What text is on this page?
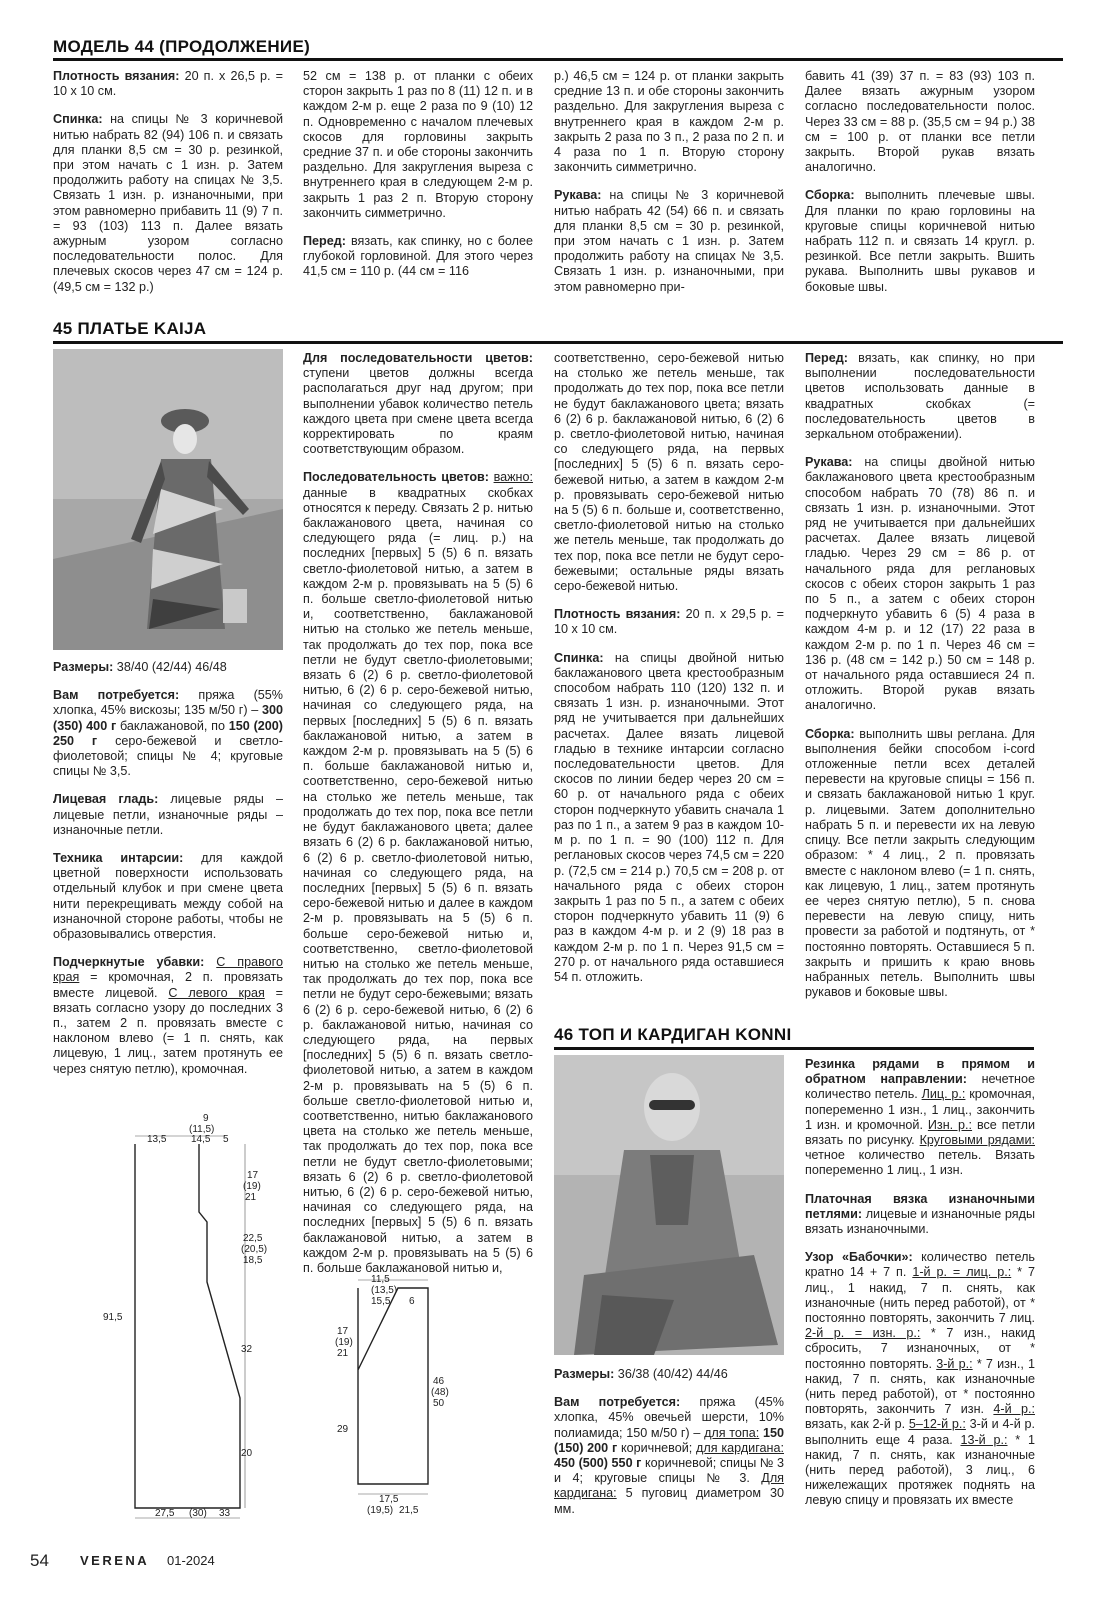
МОДЕЛЬ 44 (ПРОДОЛЖЕНИЕ)

Плотность вязания: 20 п. х 26,5 р. = 10 х 10 см.

Спинка: на спицы № 3 коричневой нитью набрать 82 (94) 106 п. и связать для планки 8,5 см = 30 р. резинкой, при этом начать с 1 изн. р. Затем продолжить работу на спицах № 3,5. Связать 1 изн. р. изнаночными, при этом равномерно прибавить 11 (9) 7 п. = 93 (103) 113 п. Далее вязать ажурным узором согласно последовательности полос. Для плечевых скосов через 47 см = 124 р. (49,5 см = 132 р.)

52 см = 138 р. от планки с обеих сторон закрыть 1 раз по 8 (11) 12 п. и в каждом 2-м р. еще 2 раза по 9 (10) 12 п. Одновременно с началом плечевых скосов для горловины закрыть средние 37 п. и обе стороны закончить раздельно. Для закругления выреза с внутреннего края в следующем 2-м р. закрыть 1 раз 2 п. Вторую сторону закончить симметрично.

Перед: вязать, как спинку, но с более глубокой горловиной. Для этого через 41,5 см = 110 р. (44 см = 116

р.) 46,5 см = 124 р. от планки закрыть средние 13 п. и обе стороны закончить раздельно. Для закругления выреза с внутреннего края в каждом 2-м р. закрыть 2 раза по 3 п., 2 раза по 2 п. и 4 раза по 1 п. Вторую сторону закончить симметрично.

Рукава: на спицы № 3 коричневой нитью набрать 42 (54) 66 п. и связать для планки 8,5 см = 30 р. резинкой, при этом начать с 1 изн. р. Затем продолжить работу на спицах № 3,5. Связать 1 изн. р. изнаночными, при этом равномерно при-

бавить 41 (39) 37 п. = 83 (93) 103 п. Далее вязать ажурным узором согласно последовательности полос. Через 33 см = 88 р. (35,5 см = 94 р.) 38 см = 100 р. от планки все петли закрыть. Второй рукав вязать аналогично.

Сборка: выполнить плечевые швы. Для планки по краю горловины на круговые спицы коричневой нитью набрать 112 п. и связать 14 кругл. р. резинкой. Все петли закрыть. Вшить рукава. Выполнить швы рукавов и боковые швы.

45 ПЛАТЬЕ KAIJA

Размеры: 38/40 (42/44) 46/48

Вам потребуется: пряжа (55% хлопка, 45% вискозы; 135 м/50 г) – 300 (350) 400 г баклажановой, по 150 (200) 250 г серо-бежевой и светло-фиолетовой; спицы № 4; круговые спицы № 3,5.

Лицевая гладь: лицевые ряды – лицевые петли, изнаночные ряды – изнаночные петли.

Техника интарсии: для каждой цветной поверхности использовать отдельный клубок и при смене цвета нити перекрещивать между собой на изнаночной стороне работы, чтобы не образовывались отверстия.

Подчеркнутые убавки: С правого края = кромочная, 2 п. провязать вместе лицевой. С левого края = вязать согласно узору до последних 3 п., затем 2 п. провязать вместе с наклоном влево (= 1 п. снять, как лицевую, 1 лиц., затем протянуть ее через снятую петлю), кромочная.

9
(11,5)
14,5
13,5	5
17
(19)
21
22,5
(20,5)
18,5
91,5
32
20
27,5 (30) 33
11,5
(13,5)
15,5 6
17
(19)
21
46
(48)
50
29
17,5
(19,5) 21,5

Для последовательности цветов: ступени цветов должны всегда располагаться друг над другом; при выполнении убавок количество петель каждого цвета при смене цвета всегда корректировать по краям соответствующим образом.

Последовательность цветов: важно: данные в квадратных скобках относятся к переду. Связать 2 р. нитью баклажанового цвета, начиная со следующего ряда (= лиц. р.) на последних [первых] 5 (5) 6 п. вязать светло-фиолетовой нитью, а затем в каждом 2-м р. провязывать на 5 (5) 6 п. больше светло-фиолетовой нитью и, соответственно, баклажановой нитью на столько же петель меньше, так продолжать до тех пор, пока все петли не будут светло-фиолетовыми; вязать 6 (2) 6 р. светло-фиолетовой нитью, 6 (2) 6 р. серо-бежевой нитью, начиная со следующего ряда, на первых [последних] 5 (5) 6 п. вязать баклажановой нитью, а затем в каждом 2-м р. провязывать на 5 (5) 6 п. больше баклажановой нитью и, соответственно, серо-бежевой нитью на столько же петель меньше, так продолжать до тех пор, пока все петли не будут баклажанового цвета; далее вязать 6 (2) 6 р. баклажановой нитью, 6 (2) 6 р. светло-фиолетовой нитью, начиная со следующего ряда, на последних [первых] 5 (5) 6 п. вязать серо-бежевой нитью и далее в каждом 2-м р. провязывать на 5 (5) 6 п. больше серо-бежевой нитью и, соответственно, светло-фиолетовой нитью на столько же петель меньше, так продолжать до тех пор, пока все петли не будут серо-бежевыми; вязать 6 (2) 6 р. серо-бежевой нитью, 6 (2) 6 р. баклажановой нитью, начиная со следующего ряда, на первых [последних] 5 (5) 6 п. вязать светло-фиолетовой нитью, а затем в каждом 2-м р. провязывать на 5 (5) 6 п. больше светло-фиолетовой нитью и, соответственно, нитью баклажанового цвета на столько же петель меньше, так продолжать до тех пор, пока все петли не будут светло-фиолетовыми; вязать 6 (2) 6 р. светло-фиолетовой нитью, 6 (2) 6 р. серо-бежевой нитью, начиная со следующего ряда, на последних [первых] 5 (5) 6 п. вязать баклажановой нитью, а затем в каждом 2-м р. провязывать на 5 (5) 6 п. больше баклажановой нитью и,

соответственно, серо-бежевой нитью на столько же петель меньше, так продолжать до тех пор, пока все петли не будут баклажанового цвета; вязать 6 (2) 6 р. баклажановой нитью, 6 (2) 6 р. светло-фиолетовой нитью, начиная со следующего ряда, на первых [последних] 5 (5) 6 п. вязать серо-бежевой нитью, а затем в каждом 2-м р. провязывать серо-бежевой нитью на 5 (5) 6 п. больше и, соответственно, светло-фиолетовой нитью на столько же петель меньше, так продолжать до тех пор, пока все петли не будут серо-бежевыми; остальные ряды вязать серо-бежевой нитью.

Плотность вязания: 20 п. х 29,5 р. = 10 х 10 см.

Спинка: на спицы двойной нитью баклажанового цвета крестообразным способом набрать 110 (120) 132 п. и связать 1 изн. р. изнаночными. Этот ряд не учитывается при дальнейших расчетах. Далее вязать лицевой гладью в технике интарсии согласно последовательности цветов. Для скосов по линии бедер через 20 см = 60 р. от начального ряда с обеих сторон подчеркнуто убавить сначала 1 раз по 1 п., а затем 9 раз в каждом 10-м р. по 1 п. = 90 (100) 112 п. Для реглановых скосов через 74,5 см = 220 р. (72,5 см = 214 р.) 70,5 см = 208 р. от начального ряда с обеих сторон закрыть 1 раз по 5 п., а затем с обеих сторон подчеркнуто убавить 11 (9) 6 раз в каждом 4-м р. и 2 (9) 18 раз в каждом 2-м р. по 1 п. Через 91,5 см = 270 р. от начального ряда оставшиеся 54 п. отложить.

Перед: вязать, как спинку, но при выполнении последовательности цветов использовать данные в квадратных скобках (= последовательность цветов в зеркальном отображении).

Рукава: на спицы двойной нитью баклажанового цвета крестообразным способом набрать 70 (78) 86 п. и связать 1 изн. р. изнаночными. Этот ряд не учитывается при дальнейших расчетах. Далее вязать лицевой гладью. Через 29 см = 86 р. от начального ряда для реглановых скосов с обеих сторон закрыть 1 раз по 5 п., а затем с обеих сторон подчеркнуто убавить 6 (5) 4 раза в каждом 4-м р. и 12 (17) 22 раза в каждом 2-м р. по 1 п. Через 46 см = 136 р. (48 см = 142 р.) 50 см = 148 р. от начального ряда оставшиеся 24 п. отложить. Второй рукав вязать аналогично.

Сборка: выполнить швы реглана. Для выполнения бейки способом i-cord отложенные петли всех деталей перевести на круговые спицы = 156 п. и связать баклажановой нитью 1 круг. р. лицевыми. Затем дополнительно набрать 5 п. и перевести их на левую спицу. Все петли закрыть следующим образом: * 4 лиц., 2 п. провязать вместе с наклоном влево (= 1 п. снять, как лицевую, 1 лиц., затем протянуть ее через снятую петлю), 5 п. снова перевести на левую спицу, нить провести за работой и подтянуть, от * постоянно повторять. Оставшиеся 5 п. закрыть и пришить к краю вновь набранных петель. Выполнить швы рукавов и боковые швы.

46 ТОП И КАРДИГАН KONNI

Размеры: 36/38 (40/42) 44/46

Вам потребуется: пряжа (45% хлопка, 45% овечьей шерсти, 10% полиамида; 150 м/50 г) – для топа: 150 (150) 200 г коричневой; для кардигана: 450 (500) 550 г коричневой; спицы № 3 и 4; круговые спицы № 3. Для кардигана: 5 пуговиц диаметром 30 мм.

Резинка рядами в прямом и обратном направлении: нечетное количество петель. Лиц. р.: кромочная, попеременно 1 изн., 1 лиц., закончить 1 изн. и кромочной. Изн. р.: все петли вязать по рисунку. Круговыми рядами: четное количество петель. Вязать попеременно 1 лиц., 1 изн.

Платочная вязка изнаночными петлями: лицевые и изнаночные ряды вязать изнаночными.

Узор «Бабочки»: количество петель кратно 14 + 7 п. 1-й р. = лиц. р.: * 7 лиц., 1 накид, 7 п. снять, как изнаночные (нить перед работой), от * постоянно повторять, закончить 7 лиц. 2-й р. = изн. р.: * 7 изн., накид сбросить, 7 изнаночных, от * постоянно повторять. 3-й р.: * 7 изн., 1 накид, 7 п. снять, как изнаночные (нить перед работой), от * постоянно повторять, закончить 7 изн. 4-й р.: вязать, как 2-й р. 5–12-й р.: 3-й и 4-й р. выполнить еще 4 раза. 13-й р.: * 1 накид, 7 п. снять, как изнаночные (нить перед работой), 3 лиц., 6 нижележащих протяжек поднять на левую спицу и провязать их вместе

54 VERENA 01-2024
